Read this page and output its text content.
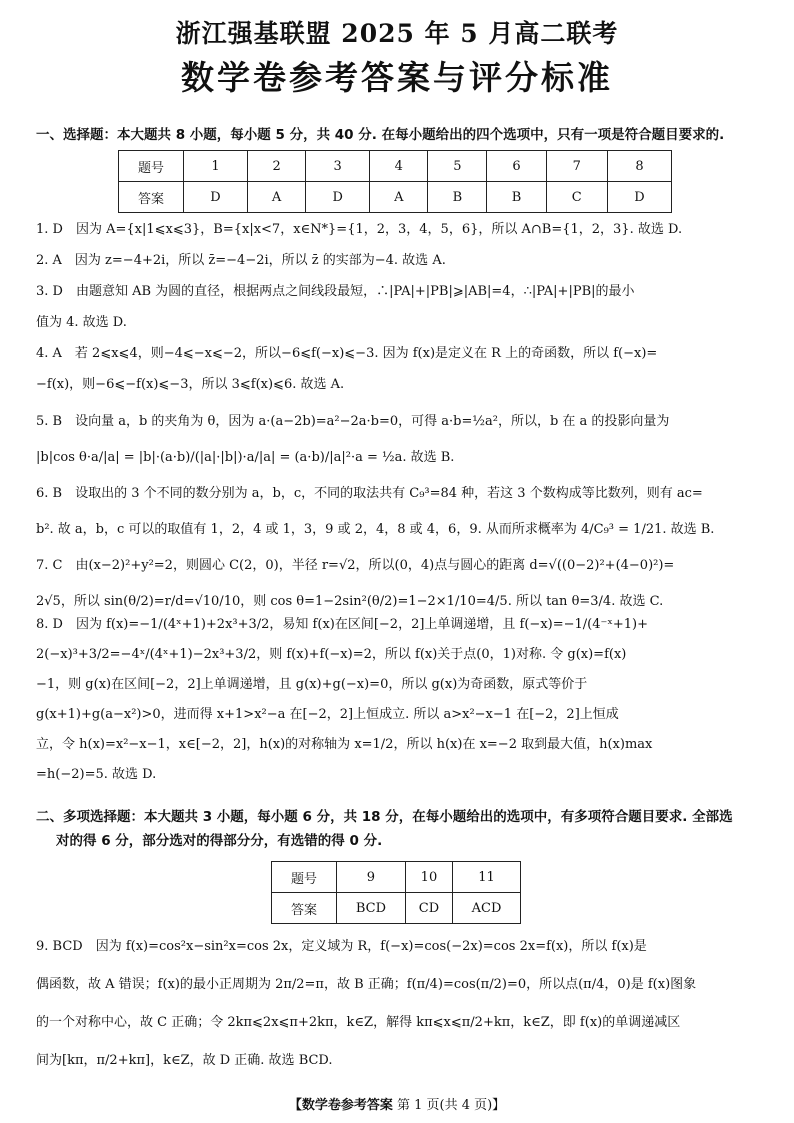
浙江强基联盟 2025 年 5 月高二联考
数学卷参考答案与评分标准
一、选择题：本大题共 8 小题，每小题 5 分，共 40 分. 在每小题给出的四个选项中，只有一项是符合题目要求的.
题号	1	2	3	4	5	6	7	8
答案	D	A	D	A	B	B	C	D
1. D　因为 A={x|1⩽x⩽3}，B={x|x<7，x∈N*}={1，2，3，4，5，6}，所以 A∩B={1，2，3}. 故选 D.
2. A　因为 z=−4+2i，所以 z̄=−4−2i，所以 z̄ 的实部为−4. 故选 A.
3. D　由题意知 AB 为圆的直径，根据两点之间线段最短，∴|PA|+|PB|⩾|AB|=4，∴|PA|+|PB|的最小
值为 4. 故选 D.
4. A　若 2⩽x⩽4，则−4⩽−x⩽−2，所以−6⩽f(−x)⩽−3. 因为 f(x)是定义在 R 上的奇函数，所以 f(−x)=
−f(x)，则−6⩽−f(x)⩽−3，所以 3⩽f(x)⩽6. 故选 A.
5. B　设向量 a，b 的夹角为 θ，因为 a·(a−2b)=a²−2a·b=0，可得 a·b=½a²，所以，b 在 a 的投影向量为
|b|cos θ·a/|a| = |b|·(a·b)/(|a|·|b|)·a/|a| = (a·b)/|a|²·a = ½a. 故选 B.
6. B　设取出的 3 个不同的数分别为 a，b，c，不同的取法共有 C₉³=84 种，若这 3 个数构成等比数列，则有 ac=
b². 故 a，b，c 可以的取值有 1，2，4 或 1，3，9 或 2，4，8 或 4，6，9. 从而所求概率为 4/C₉³ = 1/21. 故选 B.
7. C　由(x−2)²+y²=2，则圆心 C(2，0)，半径 r=√2，所以(0，4)点与圆心的距离 d=√((0−2)²+(4−0)²)=
2√5，所以 sin(θ/2)=r/d=√10/10，则 cos θ=1−2sin²(θ/2)=1−2×1/10=4/5. 所以 tan θ=3/4. 故选 C.
8. D　因为 f(x)=−1/(4ˣ+1)+2x³+3/2，易知 f(x)在区间[−2，2]上单调递增，且 f(−x)=−1/(4⁻ˣ+1)+
2(−x)³+3/2=−4ˣ/(4ˣ+1)−2x³+3/2，则 f(x)+f(−x)=2，所以 f(x)关于点(0，1)对称. 令 g(x)=f(x)
−1，则 g(x)在区间[−2，2]上单调递增，且 g(x)+g(−x)=0，所以 g(x)为奇函数，原式等价于
g(x+1)+g(a−x²)>0，进而得 x+1>x²−a 在[−2，2]上恒成立. 所以 a>x²−x−1 在[−2，2]上恒成
立，令 h(x)=x²−x−1，x∈[−2，2]，h(x)的对称轴为 x=1/2，所以 h(x)在 x=−2 取到最大值，h(x)max
=h(−2)=5. 故选 D.
二、多项选择题：本大题共 3 小题，每小题 6 分，共 18 分，在每小题给出的选项中，有多项符合题目要求. 全部选
对的得 6 分，部分选对的得部分分，有选错的得 0 分.
题号	9	10	11
答案	BCD	CD	ACD
9. BCD　因为 f(x)=cos²x−sin²x=cos 2x，定义域为 R，f(−x)=cos(−2x)=cos 2x=f(x)，所以 f(x)是
偶函数，故 A 错误；f(x)的最小正周期为 2π/2=π，故 B 正确；f(π/4)=cos(π/2)=0，所以点(π/4，0)是 f(x)图象
的一个对称中心，故 C 正确；令 2kπ⩽2x⩽π+2kπ，k∈Z，解得 kπ⩽x⩽π/2+kπ，k∈Z，即 f(x)的单调递减区
间为[kπ，π/2+kπ]，k∈Z，故 D 正确. 故选 BCD.
【数学卷参考答案 第 1 页(共 4 页)】
